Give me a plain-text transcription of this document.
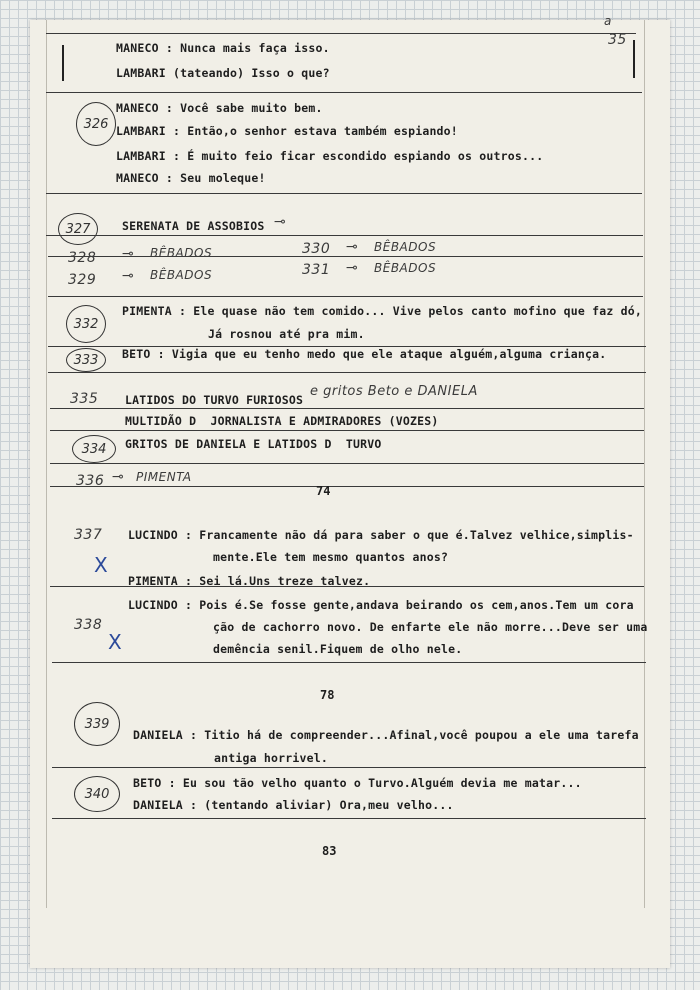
a
35
MANECO : Nunca mais faça isso.
LAMBARI (tateando) Isso o que?
326
MANECO : Você sabe muito bem.
LAMBARI : Então,o senhor estava também espiando!
LAMBARI : É muito feio ficar escondido espiando os outros...
MANECO : Seu moleque!
327	SERENATA DE ASSOBIOS ⊸
328 ⊸ BÊBADOS	330 ⊸ BÊBADOS
329 ⊸ BÊBADOS	331 ⊸ BÊBADOS
332
PIMENTA : Ele quase não tem comido... Vive pelos canto mofino que faz dó,
Já rosnou até pra mim.
333	BETO : Vigia que eu tenho medo que ele ataque alguém,alguma criança.
335 LATIDOS DO TURVO FURIOSOS
e gritos Beto e DANIELA
MULTIDÃO D  JORNALISTA E ADMIRADORES (VOZES)
334	GRITOS DE DANIELA E LATIDOS D  TURVO
336 ⊸ PIMENTA
74
337
X
LUCINDO : Francamente não dá para saber o que é.Talvez velhice,simplis-
mente.Ele tem mesmo quantos anos?
PIMENTA : Sei lá.Uns treze talvez.
338
X
LUCINDO : Pois é.Se fosse gente,andava beirando os cem,anos.Tem um cora
ção de cachorro novo. De enfarte ele não morre...Deve ser uma
demência senil.Fiquem de olho nele.
78
339
DANIELA : Titio há de compreender...Afinal,você poupou a ele uma tarefa
antiga horrivel.
340
BETO : Eu sou tão velho quanto o Turvo.Alguém devia me matar...
DANIELA : (tentando aliviar) Ora,meu velho...
83
